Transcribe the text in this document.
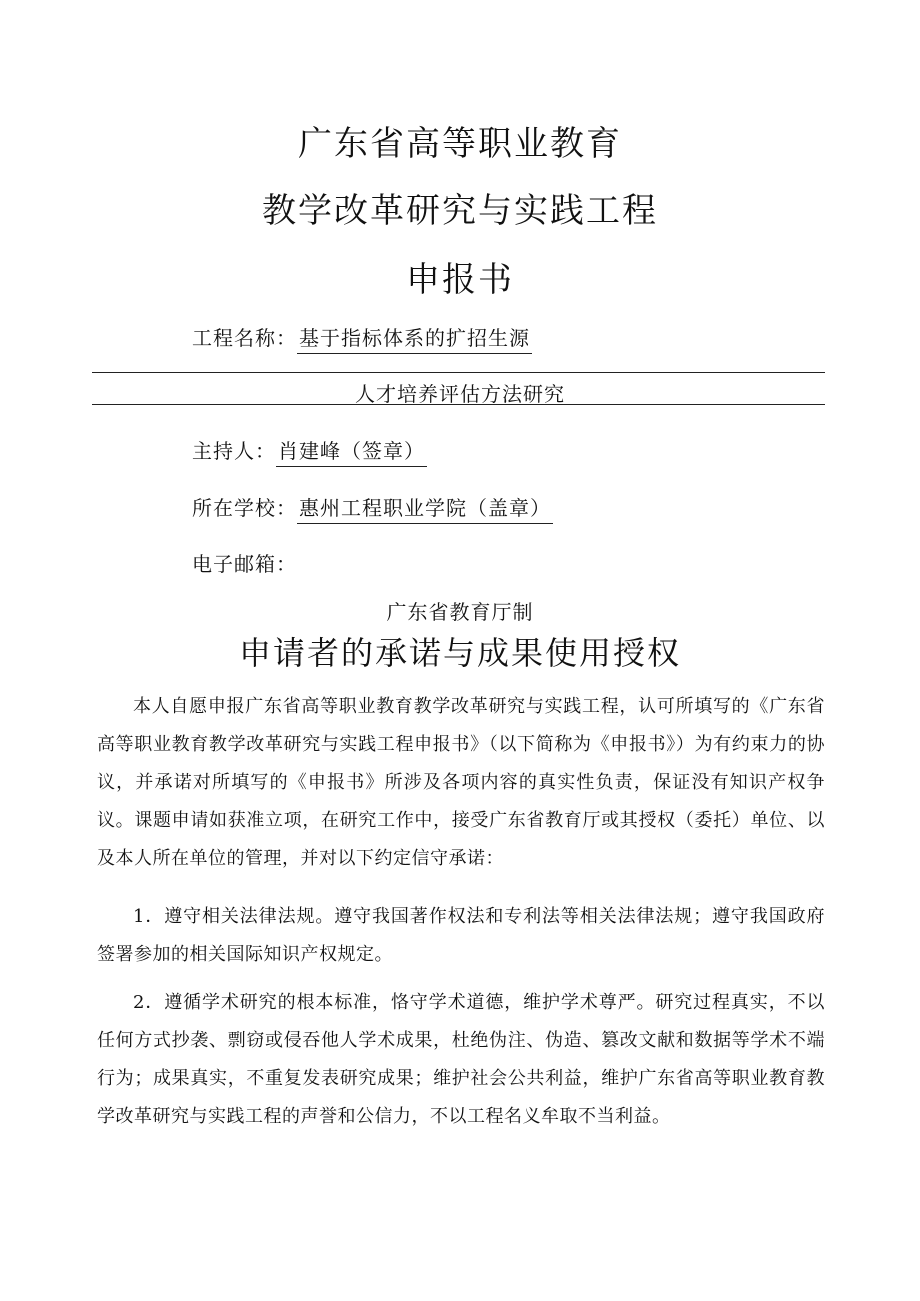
广东省高等职业教育
教学改革研究与实践工程
申报书
工程名称： 基于指标体系的扩招生源
人才培养评估方法研究
主持人： 肖建峰（签章）
所在学校： 惠州工程职业学院（盖章）
电子邮箱：
广东省教育厅制
申请者的承诺与成果使用授权

本人自愿申报广东省高等职业教育教学改革研究与实践工程，认可所填写的《广东省高等职业教育教学改革研究与实践工程申报书》（以下简称为《申报书》）为有约束力的协议，并承诺对所填写的《申报书》所涉及各项内容的真实性负责，保证没有知识产权争议。课题申请如获准立项，在研究工作中，接受广东省教育厅或其授权（委托）单位、以及本人所在单位的管理，并对以下约定信守承诺：

1．遵守相关法律法规。遵守我国著作权法和专利法等相关法律法规；遵守我国政府签署参加的相关国际知识产权规定。

2．遵循学术研究的根本标准，恪守学术道德，维护学术尊严。研究过程真实，不以任何方式抄袭、剽窃或侵吞他人学术成果，杜绝伪注、伪造、篡改文献和数据等学术不端行为；成果真实，不重复发表研究成果；维护社会公共利益，维护广东省高等职业教育教学改革研究与实践工程的声誉和公信力，不以工程名义牟取不当利益。
